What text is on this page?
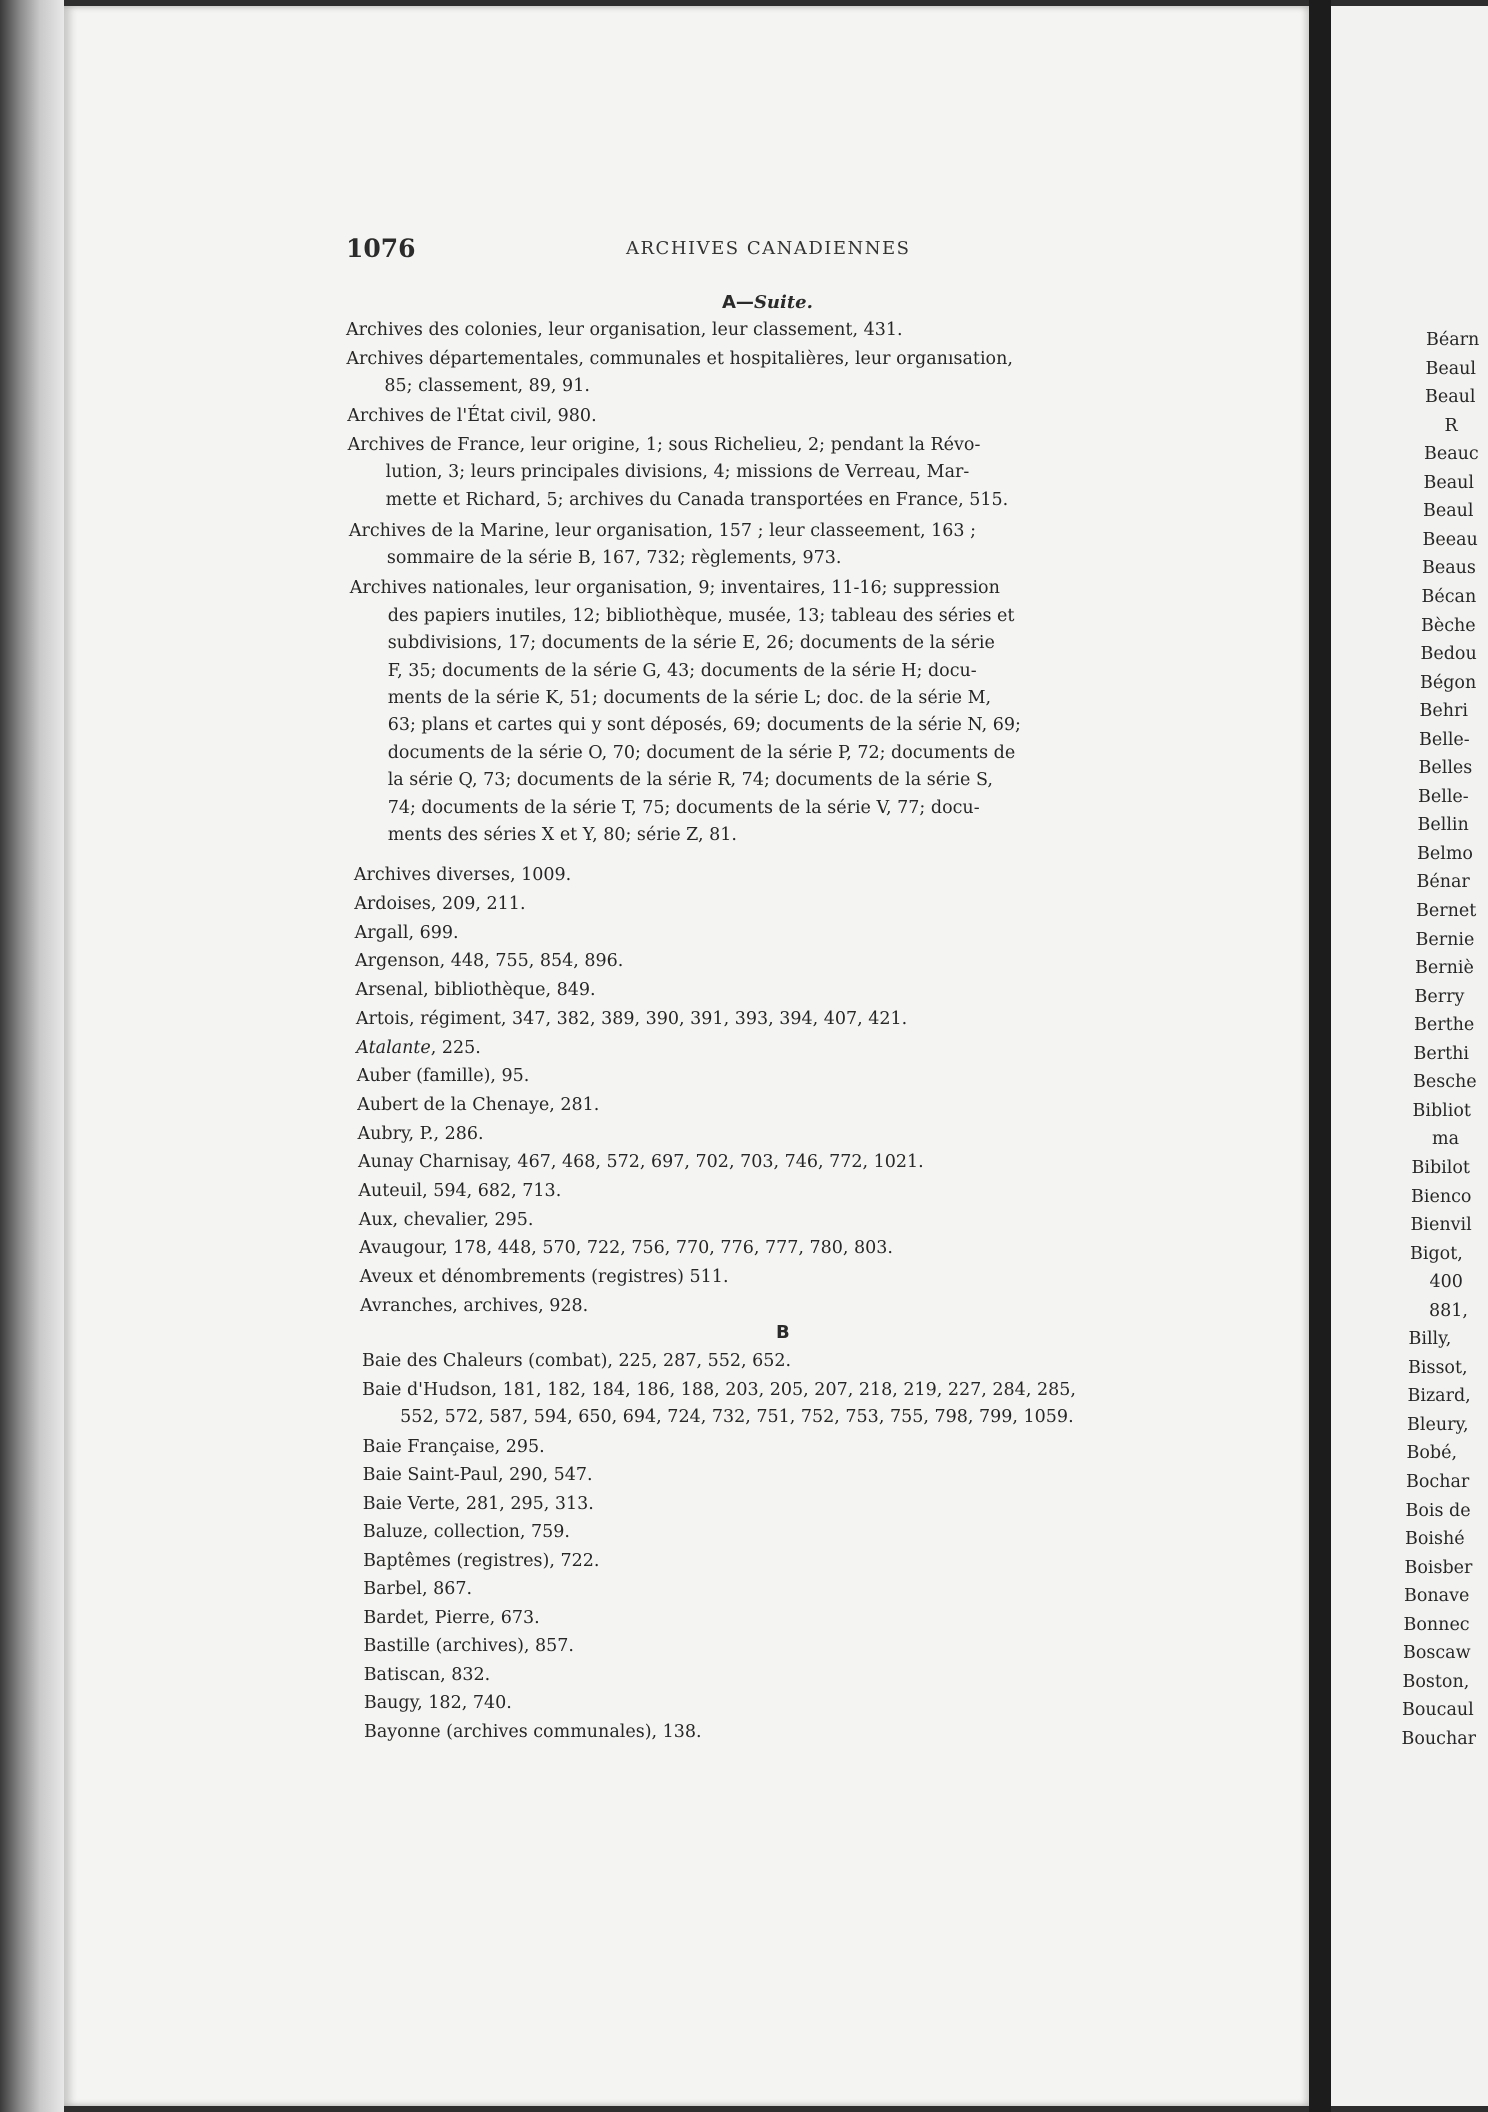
1076	ARCHIVES CANADIENNES
A—Suite.
Archives des colonies, leur organisation, leur classement, 431.
Archives départementales, communales et hospitalières, leur organısation,
85; classement, 89, 91.
Archives de l'État civil, 980.
Archives de France, leur origine, 1; sous Richelieu, 2; pendant la Révo-
lution, 3; leurs principales divisions, 4; missions de Verreau, Mar-
mette et Richard, 5; archives du Canada transportées en France, 515.
Archives de la Marine, leur organisation, 157 ; leur classeement, 163 ;
sommaire de la série B, 167, 732; règlements, 973.
Archives nationales, leur organisation, 9; inventaires, 11-16; suppression
des papiers inutiles, 12; bibliothèque, musée, 13; tableau des séries et
subdivisions, 17; documents de la série E, 26; documents de la série
F, 35; documents de la série G, 43; documents de la série H; docu-
ments de la série K, 51; documents de la série L; doc. de la série M,
63; plans et cartes qui y sont déposés, 69; documents de la série N, 69;
documents de la série O, 70; document de la série P, 72; documents de
la série Q, 73; documents de la série R, 74; documents de la série S,
74; documents de la série T, 75; documents de la série V, 77; docu-
ments des séries X et Y, 80; série Z, 81.
Archives diverses, 1009.
Ardoises, 209, 211.
Argall, 699.
Argenson, 448, 755, 854, 896.
Arsenal, bibliothèque, 849.
Artois, régiment, 347, 382, 389, 390, 391, 393, 394, 407, 421.
Atalante, 225.
Auber (famille), 95.
Aubert de la Chenaye, 281.
Aubry, P., 286.
Aunay Charnisay, 467, 468, 572, 697, 702, 703, 746, 772, 1021.
Auteuil, 594, 682, 713.
Aux, chevalier, 295.
Avaugour, 178, 448, 570, 722, 756, 770, 776, 777, 780, 803.
Aveux et dénombrements (registres) 511.
Avranches, archives, 928.
B
Baie des Chaleurs (combat), 225, 287, 552, 652.
Baie d'Hudson, 181, 182, 184, 186, 188, 203, 205, 207, 218, 219, 227, 284, 285,
552, 572, 587, 594, 650, 694, 724, 732, 751, 752, 753, 755, 798, 799, 1059.
Baie Française, 295.
Baie Saint-Paul, 290, 547.
Baie Verte, 281, 295, 313.
Baluze, collection, 759.
Baptêmes (registres), 722.
Barbel, 867.
Bardet, Pierre, 673.
Bastille (archives), 857.
Batiscan, 832.
Baugy, 182, 740.
Bayonne (archives communales), 138.
Béarn
Beaul
Beaul
R
Beauc
Beaul
Beaul
Beeau
Beaus
Bécan
Bèche
Bedou
Bégon
Behri
Belle-
Belles
Belle-
Bellin
Belmo
Bénar
Bernet
Bernie
Berniè
Berry
Berthe
Berthi
Besche
Bibliot
ma
Bibilot
Bienco
Bienvil
Bigot,
400
881,
Billy,
Bissot,
Bizard,
Bleury,
Bobé,
Bochar
Bois de
Boishé
Boisber
Bonave
Bonnec
Boscaw
Boston,
Boucaul
Bouchar
